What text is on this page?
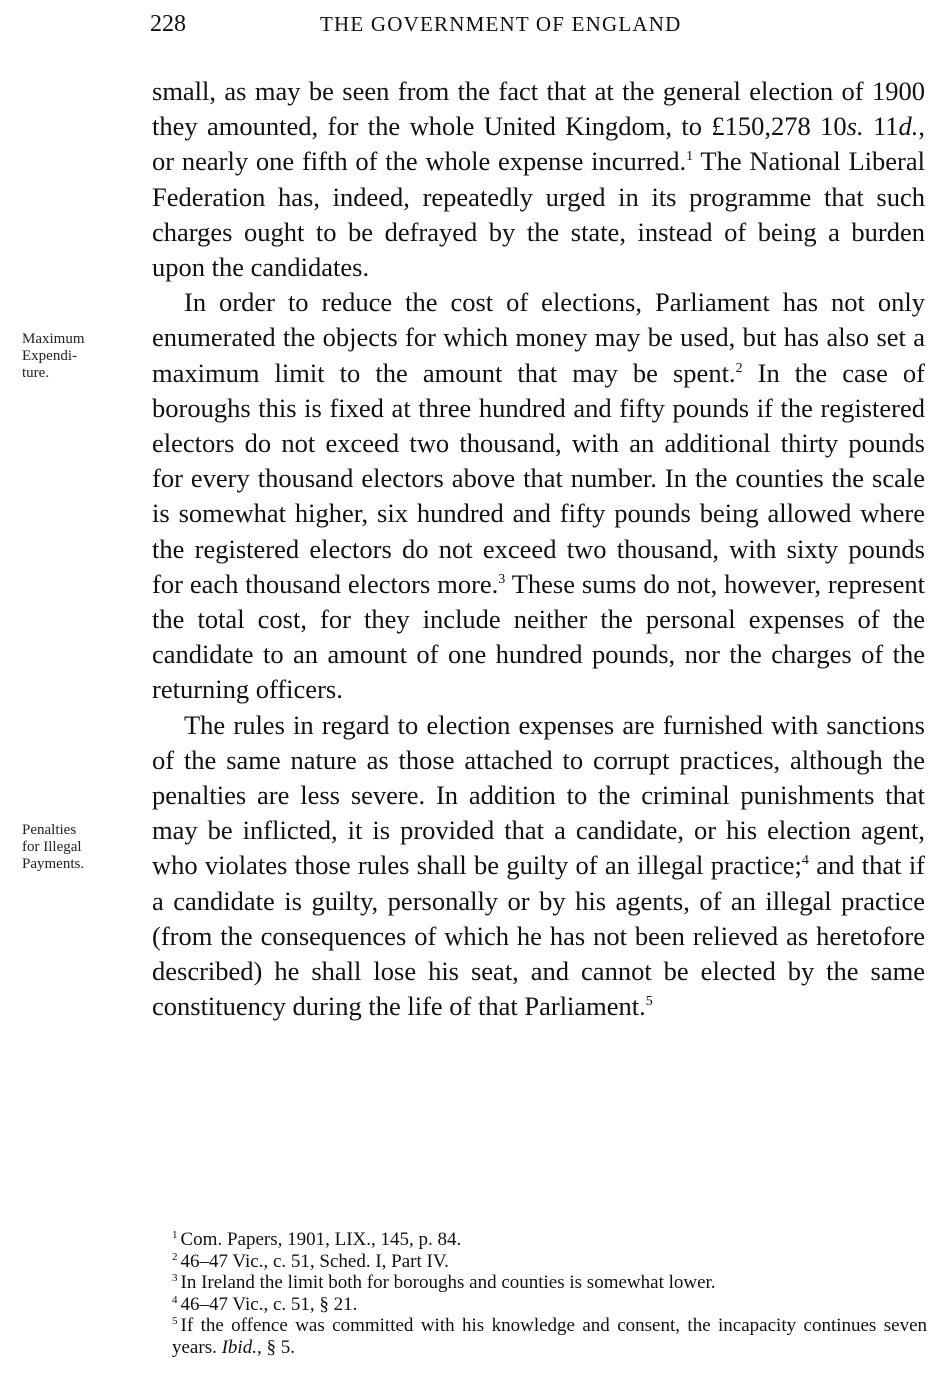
228	THE GOVERNMENT OF ENGLAND
Maximum
Expendi-
ture.
Penalties
for Illegal
Payments.

small, as may be seen from the fact that at the general election of 1900 they amounted, for the whole United Kingdom, to £150,278 10s. 11d., or nearly one fifth of the whole expense incurred.$^1$ The National Liberal Federation has, indeed, repeatedly urged in its programme that such charges ought to be defrayed by the state, instead of being a burden upon the candidates.

In order to reduce the cost of elections, Parliament has not only enumerated the objects for which money may be used, but has also set a maximum limit to the amount that may be spent.$^2$ In the case of boroughs this is fixed at three hundred and fifty pounds if the registered electors do not exceed two thousand, with an additional thirty pounds for every thousand electors above that number. In the counties the scale is somewhat higher, six hundred and fifty pounds being allowed where the registered electors do not exceed two thousand, with sixty pounds for each thousand electors more.$^3$ These sums do not, however, represent the total cost, for they include neither the personal expenses of the candidate to an amount of one hundred pounds, nor the charges of the returning officers.

The rules in regard to election expenses are furnished with sanctions of the same nature as those attached to corrupt practices, although the penalties are less severe. In addition to the criminal punishments that may be inflicted, it is provided that a candidate, or his election agent, who violates those rules shall be guilty of an illegal practice;$^4$ and that if a candidate is guilty, personally or by his agents, of an illegal practice (from the consequences of which he has not been relieved as heretofore described) he shall lose his seat, and cannot be elected by the same constituency during the life of that Parliament.$^5$

$^1$ Com. Papers, 1901, LIX., 145, p. 84.

$^2$ 46–47 Vic., c. 51, Sched. I, Part IV.

$^3$ In Ireland the limit both for boroughs and counties is somewhat lower.

$^4$ 46–47 Vic., c. 51, § 21.

$^5$ If the offence was committed with his knowledge and consent, the incapacity continues seven years. Ibid., § 5.
